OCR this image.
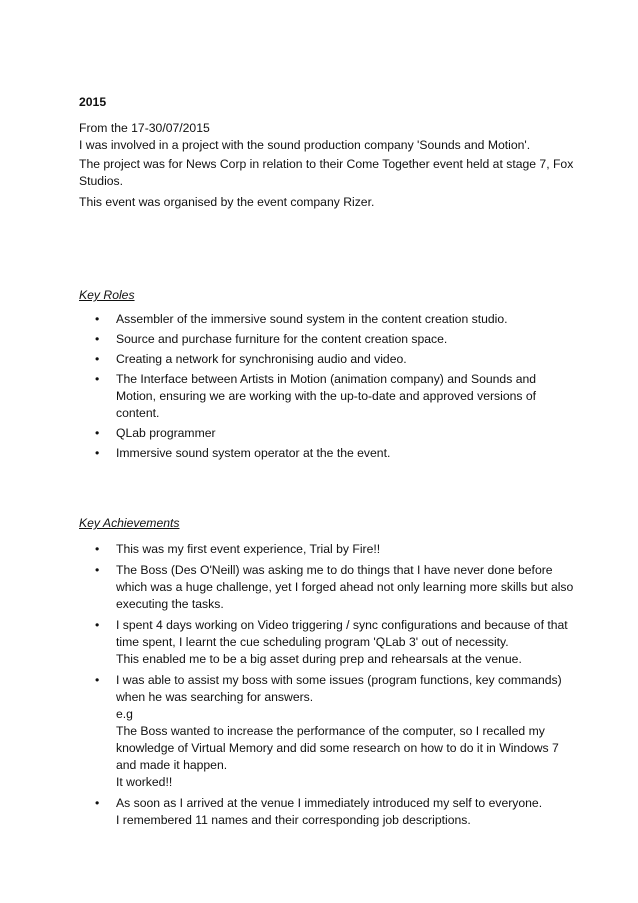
2015
From the 17-30/07/2015
I was involved in a project with the sound production company 'Sounds and Motion'.
The project was for News Corp in relation to their Come Together event held at stage 7, Fox
Studios.
This event was organised by the event company Rizer.
Key Roles
• Assembler of the immersive sound system in the content creation studio.
• Source and purchase furniture for the content creation space.
• Creating a network for synchronising audio and video.
• The Interface between Artists in Motion (animation company) and Sounds and
Motion, ensuring we are working with the up-to-date and approved versions of
content.
• QLab programmer
• Immersive sound system operator at the the event.
Key Achievements
• This was my first event experience, Trial by Fire!!
• The Boss (Des O'Neill) was asking me to do things that I have never done before
which was a huge challenge, yet I forged ahead not only learning more skills but also
executing the tasks.
• I spent 4 days working on Video triggering / sync configurations and because of that
time spent, I learnt the cue scheduling program 'QLab 3' out of necessity.
This enabled me to be a big asset during prep and rehearsals at the venue.
• I was able to assist my boss with some issues (program functions, key commands)
when he was searching for answers.
e.g
The Boss wanted to increase the performance of the computer, so I recalled my
knowledge of Virtual Memory and did some research on how to do it in Windows 7
and made it happen.
It worked!!
• As soon as I arrived at the venue I immediately introduced my self to everyone.
I remembered 11 names and their corresponding job descriptions.
